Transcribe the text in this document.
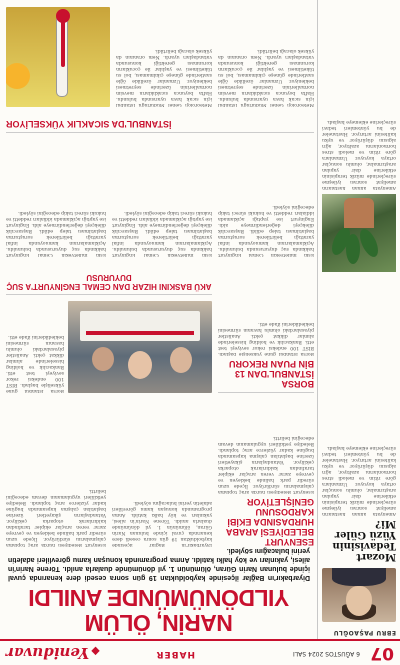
07
6 AĞUSTOS 2024 SALI
HABER
◆Yeniduvar
EBRU PAŞAOĞLU
Mozart Tedavisinin Yüzü Güler Mi?
Ameliyata alınan hastaların ameliyat sonrası iyileşme süreçlerinde müzik terapisinin etkilerine dair yapılan araştırmalar, olumlu sonuçlar ortaya koyuyor. Uzmanlara göre ritim ve melodi stres hormonlarını azaltıyor, ağrı algısını düşürüyor ve uyku kalitesini artırıyor. Hastaneler de bu yöntemleri tedavi süreçlerine eklemeye başladı.
Ameliyata alınan hastaların ameliyat sonrası iyileşme süreçlerinde müzik terapisinin etkilerine dair yapılan araştırmalar, olumlu sonuçlar ortaya koyuyor. Uzmanlara göre ritim ve melodi stres hormonlarını azaltıyor, ağrı algısını düşürüyor ve uyku kalitesini artırıyor. Hastaneler de bu yöntemleri tedavi süreçlerine eklemeye başladı.
NARİN, ÖLÜM YILDÖNÜMÜNDE ANILDI
Diyarbakır'ın Bağlar ilçesinde kaybolduktan 19 gün sonra cesedi dere kenarında çuval içinde bulunan Narin Güran, ölümünün 1. yıl dönümünde dualarla anıldı. Törene Narin'in ailesi, yakınları ve köy halkı katıldı. Anma programında konuşan kamu görevlileri adaletin yerini bulacağını söyledi.
ESENYURT BELEDİYESİ ARABA HURDASINDA EKİBİ KARDOSUNU GENİŞLETİYOR
Esenyurt Belediyesi hurda araç toplama çalışmalarını sürdürüyor. İlçede uzun süredir park halinde bekleyen ve çevreye zarar veren araçlar ekipler tarafından kaldırılarak otoparka çekiliyor. Vatandaşların şikayetleri üzerine başlatılan çalışma kapsamında bugüne kadar yüzlerce araç toplandı. Belediye yetkilileri uygulamanın devam edeceğini belirtti.
BORSA İSTANBUL'DAN 13 BİN PUAN REKORU
Borsa İstanbul güne yükselişle başladı. BIST 100 endeksi rekor seviyeyi test etti. Bankacılık ve holding hisselerinde alımlar dikkat çekti. Analistler piyasalardaki olumlu havanın sürmesini beklediklerini ifade etti.
Diyarbakır'ın Bağlar ilçesinde kaybolduktan 19 gün sonra cesedi dere kenarında çuval içinde bulunan Narin Güran, ölümünün 1. yıl dönümünde dualarla anıldı. Törene Narin'in ailesi, yakınları ve köy halkı katıldı. Anma programında konuşan kamu görevlileri adaletin yerini bulacağını söyledi.
Esenyurt Belediyesi hurda araç toplama çalışmalarını sürdürüyor. İlçede uzun süredir park halinde bekleyen ve çevreye zarar veren araçlar ekipler tarafından kaldırılarak otoparka çekiliyor. Vatandaşların şikayetleri üzerine başlatılan çalışma kapsamında bugüne kadar yüzlerce araç toplandı. Belediye yetkilileri uygulamanın devam edeceğini belirtti.
Borsa İstanbul güne yükselişle başladı. BIST 100 endeksi rekor seviyeyi test etti. Bankacılık ve holding hisselerinde alımlar dikkat çekti. Analistler piyasalardaki olumlu havanın sürmesini beklediklerini ifade etti.
AKÜ BASKINI HIZAR DAN CEMAL ENGİNYURT'A SUÇ DUYURUSU
Eski milletvekili Cemal Enginyurt hakkında suç duyurusunda bulunuldu. Açıklamalarının kamuoyunda infial yarattığı belirtilerek soruşturma başlatılması talep edildi. Başsavcılık dilekçeyi değerlendirmeye aldı. Enginyurt ise yaptığı açıklamada iddiaları reddetti ve hukuki süreci takip edeceğini söyledi.
Eski milletvekili Cemal Enginyurt hakkında suç duyurusunda bulunuldu. Açıklamalarının kamuoyunda infial yarattığı belirtilerek soruşturma başlatılması talep edildi. Başsavcılık dilekçeyi değerlendirmeye aldı. Enginyurt ise yaptığı açıklamada iddiaları reddetti ve hukuki süreci takip edeceğini söyledi.
Eski milletvekili Cemal Enginyurt hakkında suç duyurusunda bulunuldu. Açıklamalarının kamuoyunda infial yarattığı belirtilerek soruşturma başlatılması talep edildi. Başsavcılık dilekçeyi değerlendirmeye aldı. Enginyurt ise yaptığı açıklamada iddiaları reddetti ve hukuki süreci takip edeceğini söyledi.
İSTANBUL'DA SICAKLIK YÜKSELİYOR
Meteoroloji Genel Müdürlüğü İstanbul için sıcak hava uyarısında bulundu. Hafta boyunca sıcaklıkların mevsim normallerinin üzerinde seyretmesi bekleniyor. Uzmanlar özellikle öğle saatlerinde güneşe çıkılmaması, bol su tüketilmesi ve yaşlılar ile çocukların korunması gerektiği konusunda vatandaşları uyardı. Nem oranının da yüksek olacağı belirtildi.
Meteoroloji Genel Müdürlüğü İstanbul için sıcak hava uyarısında bulundu. Hafta boyunca sıcaklıkların mevsim normallerinin üzerinde seyretmesi bekleniyor. Uzmanlar özellikle öğle saatlerinde güneşe çıkılmaması, bol su tüketilmesi ve yaşlılar ile çocukların korunması gerektiği konusunda vatandaşları uyardı. Nem oranının da yüksek olacağı belirtildi.
